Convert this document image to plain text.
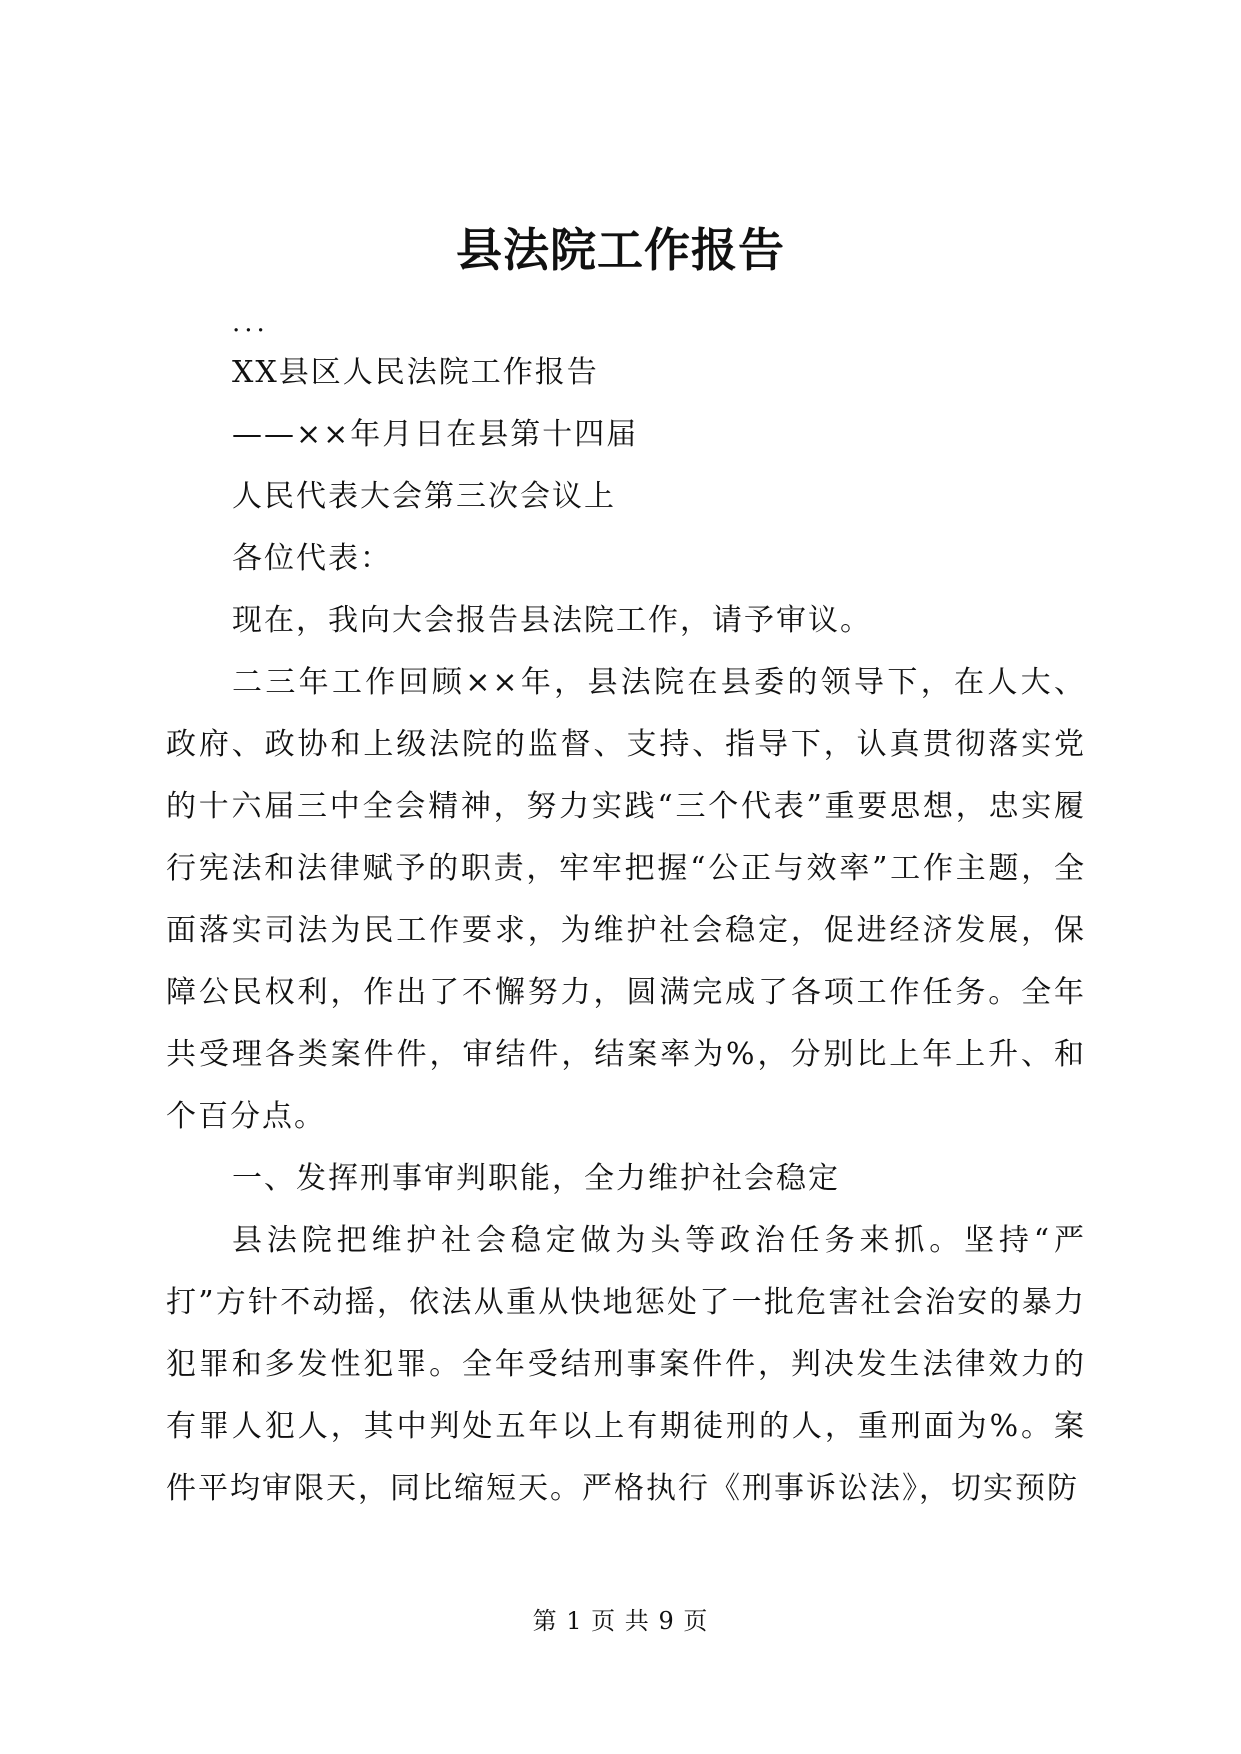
县法院工作报告

...

XX县区人民法院工作报告

——××年月日在县第十四届

人民代表大会第三次会议上

各位代表：

现在，我向大会报告县法院工作，请予审议。

二三年工作回顾××年，县法院在县委的领导下，在人大、政府、政协和上级法院的监督、支持、指导下，认真贯彻落实党的十六届三中全会精神，努力实践“三个代表”重要思想，忠实履行宪法和法律赋予的职责，牢牢把握“公正与效率”工作主题，全面落实司法为民工作要求，为维护社会稳定，促进经济发展，保障公民权利，作出了不懈努力，圆满完成了各项工作任务。全年共受理各类案件件，审结件，结案率为%，分别比上年上升、和个百分点。

一、发挥刑事审判职能，全力维护社会稳定

县法院把维护社会稳定做为头等政治任务来抓。坚持“严打”方针不动摇，依法从重从快地惩处了一批危害社会治安的暴力犯罪和多发性犯罪。全年受结刑事案件件，判决发生法律效力的有罪人犯人，其中判处五年以上有期徒刑的人，重刑面为%。案件平均审限天，同比缩短天。严格执行《刑事诉讼法》，切实预防

第 1 页 共 9 页
